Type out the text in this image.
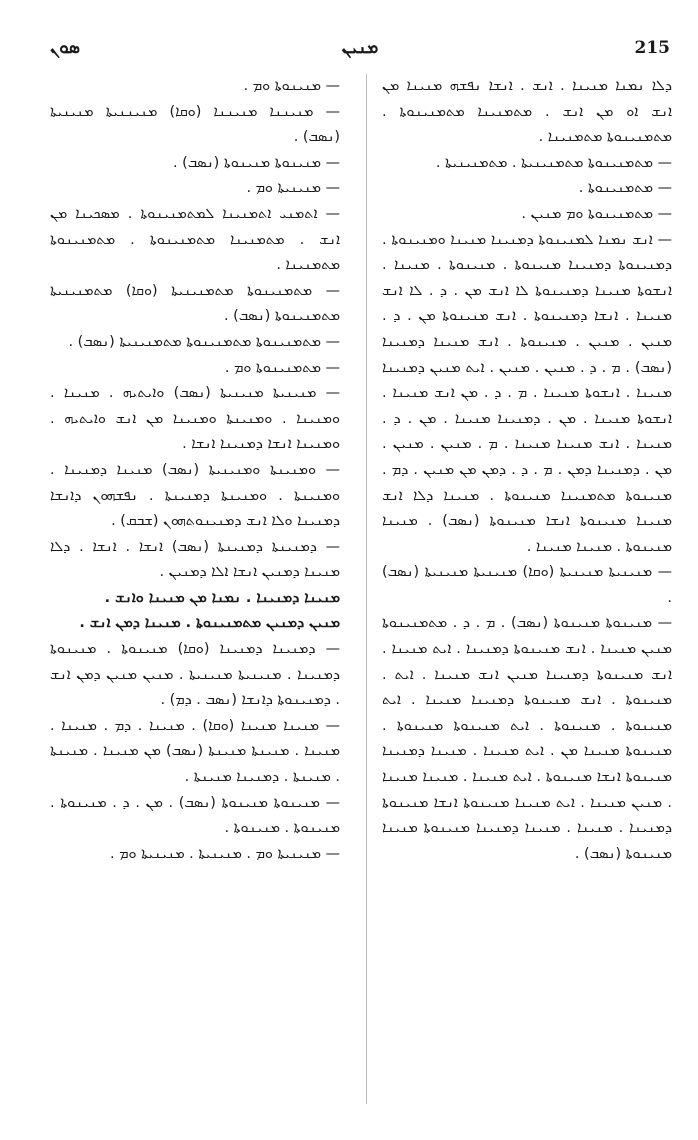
ܣܘܢ	ܡܢܝܢ	215

— ܡܢܝܢܘܬܐ ܘܡ .

— ܡܢܝܢܢܐ ܡܢܝܢܢܐ (ܘܩܐ) ܡܢܝܢܢܝܬܐ ܡܢܝܢܝܬܐ (ܢܣܒ) .

— ܡܢܝܢܘܬܐ ܡܢܝܢܘܬܐ (ܢܣܒ) .

— ܡܢܝܢܝܬܐ ܘܡ .

— ܐܬܡܢܝ ܐܬܡܢܝܢܐ ܠܡܬܡܢܝܢܘܬܐ . ܡܣܟܝܢܐ ܡܢ ܐܢܫ . ܡܬܡܢܝܢܐ ܡܬܡܢܝܢܘܬܐ . ܡܬܡܢܝܢܘܬܐ ܡܬܡܢܝܢܐ .

— ܡܬܡܢܝܢܘܬܐ ܡܬܡܢܝܢܝܬܐ (ܘܩܐ) ܡܬܡܢܝܢܝܬܐ ܡܬܡܢܝܢܘܬܐ (ܢܣܒ) .

— ܡܬܡܢܝܢܘܬܐ ܡܬܡܢܝܢܘܬܐ ܡܬܡܢܝܢܝܬܐ (ܢܣܒ) .

— ܡܬܡܢܝܢܘܬܐ ܘܡ .

— ܡܢܝܢܝܬܐ ܡܢܝܢܝܬܐ (ܢܣܒ) ܘܐܝܬܝܗ . ܡܢܝܢܐ . ܘܡܢܝܢܐ . ܘܡܢܝܢܬܐ ܘܡܢܝܢܐ ܡܢ ܐܢܫ ܘܐܝܬܝܗ . ܘܡܢܝܢܐ ܐܢܫܐ ܕܡܢܝܢܐ ܐܢܫܐ .

— ܘܡܢܝܢܬܐ ܘܡܢܝܢܝܬܐ (ܢܣܒ) ܡܢܝܢܐ ܕܡܢܝܢܐ . ܘܡܢܝܢܬܐ . ܘܡܢܝܢܬܐ ܕܡܢܝܢܬܐ . ܢܦܫܗܘܢ ܕܐܢܫܐ ܕܡܢܝܢܐ ܘܠܐ ܐܢܫ ܕܡܢܝܢܘܬܗܘܢ (ܫܒܩ) .

— ܕܡܢܝܢܬܐ ܕܡܢܝܢܬܐ (ܢܣܒ) ܐܢܫܐ . ܐܢܫܐ . ܕܠܐ ܡܢܝܢܐ ܕܡܢܝܢ ܐܢܫܐ ܐܠܐ ܕܡܢܝܢ .

ܡܢܝܢܐ ܕܡܢܝܢܐ . ܢܡܢܐ ܡܢ ܡܢܝܢܐ ܘܐܢܫ .

ܡܢܝܢ ܕܡܢܝܢ ܡܬܡܢܝܢܘܬܐ . ܡܢܝܢܐ ܕܡܢ ܐܢܫ .

— ܕܡܢܝܢܐ ܕܡܢܝܢܐ (ܘܩܐ) ܡܢܝܢܘܬܐ . ܡܢܝܢܘܬܐ ܕܡܢܝܢܐ . ܡܢܝܢܝܬܐ ܡܢܝܢܝܬܐ . ܡܢܝܢ ܡܢܝܢ ܕܡܢ ܐܢܫ . ܕܡܢܝܢܘܬܐ ܕܐܢܫܐ (ܢܣܒ . ܕܡ) .

— ܡܢܝܢܐ ܡܢܝܢܐ (ܘܩܐ) . ܡܢܝܢܐ . ܕܡ . ܡܢܝܢܐ . ܡܢܝܢܐ . ܡܢܝܢܬܐ ܡܢܝܢܬܐ (ܢܣܒ) ܡܢ ܡܢܝܢܐ . ܡܢܝܢܬܐ . ܡܢܝܢܬܐ . ܕܡܢܝܢܐ ܡܢܝܢܬܐ .

— ܡܢܝܢܘܬܐ ܡܢܝܢܘܬܐ (ܢܣܒ) . ܡܢ . ܕ . ܡܢܝܢܘܬܐ . ܡܢܝܢܘܬܐ . ܡܢܝܢܘܬܐ .

— ܡܢܝܢܝܬܐ ܘܡ . ܡܢܝܢܝܬܐ . ܡܢܝܢܝܬܐ ܘܡ .

ܕܠܐ ܢܡܢܐ ܡܢܝܢܐ . ܐܢܫ . ܐܢܫܐ ܢܦܫܗ ܡܢܝܢܐ ܡܢ ܐܢܫ ܐܘ ܡܢ ܐܢܫ . ܡܬܡܢܝܢܐ ܡܬܡܢܝܢܘܬܐ . ܡܬܡܢܝܢܘܬܐ ܡܬܡܢܝܢܐ .

— ܡܬܡܢܝܢܘܬܐ ܡܬܡܢܝܢܝܬܐ . ܡܬܡܢܝܢܝܬܐ .

— ܡܬܡܢܝܢܘܬܐ .

— ܡܬܡܢܝܢܘܬܐ ܘܡ ܡܢܝܢ .

— ܐܢܫ ܢܡܢܐ ܠܡܢܝܢܘܬܐ ܕܡܢܝܢܐ ܡܢܝܢܐ ܘܡܢܝܢܘܬܐ . ܕܡܢܝܢܘܬܐ ܕܡܢܝܢܐ ܡܢܝܢܘܬܐ . ܡܢܝܢܘܬܐ . ܡܢܝܢܐ . ܐܢܫܘܬܐ ܡܢܝܢܐ ܕܡܢܝܢܘܬܐ ܠܐ ܐܢܫ ܡܢ . ܕ . ܠܐ ܐܢܫ ܡܢܝܢܐ . ܐܢܫܐ ܕܡܢܝܢܘܬܐ . ܐܢܫ ܡܢܝܢܘܬܐ ܡܢ . ܕ . ܡܢܝܢ . ܡܢܝܢ . ܡܢܝܢܘܬܐ . ܐܢܫ ܡܢܝܢܐ ܕܡܢܝܢܐ (ܢܣܒ) . ܡ . ܕ . ܡܢܝܢ . ܡܢܝܢ . ܐܝܬ ܡܢܝܢ ܕܡܢܝܢܐ ܡܢܝܢܐ . ܐܢܫܘܬܐ ܡܢܝܢܐ . ܡ . ܕ . ܡܢ ܐܢܫ ܡܢܝܢܐ . ܐܢܫܘܬܐ ܡܢܝܢܐ . ܡܢ . ܕܡܢܝܢܐ ܡܢܝܢܐ . ܡܢ . ܕ . ܡܢܝܢܐ . ܐܢܫ ܡܢܝܢܐ ܡܢܝܢܐ . ܡ . ܡܢܝܢ . ܡܢܝܢ . ܡܢ . ܕܡܢܝܢܐ ܕܡܢ . ܡ . ܕ . ܕܡܢ ܡܢ ܡܢܝܢ . ܕܡ . ܡܢܝܢܘܬܐ ܡܬܡܢܝܢܐ ܡܢܝܢܘܬܐ . ܡܢܝܢܐ ܕܠܐ ܐܢܫ ܡܢܝܢܐ ܡܢܝܢܘܬܐ ܐܢܫܐ ܡܢܝܢܘܬܐ (ܢܣܒ) . ܡܢܝܢܐ ܡܢܝܢܘܬܐ . ܡܢܝܢܐ ܡܢܝܢܐ .

— ܡܢܝܢܝܬܐ ܡܢܝܢܝܬܐ (ܘܩܐ) ܡܢܝܢܝܬܐ ܡܢܝܢܝܬܐ (ܢܣܒ) .

— ܡܢܝܢܘܬܐ ܡܢܝܢܘܬܐ (ܢܣܒ) . ܡ . ܕ . ܡܬܡܢܝܢܘܬܐ ܡܢܝܢ ܡܢܝܢܐ . ܐܢܫ ܡܢܝܢܘܬܐ ܕܡܢܝܢܐ . ܐܝܬ ܡܢܝܢܐ . ܐܢܫ ܡܢܝܢܘܬܐ ܕܡܢܝܢܐ ܡܢܝܢ ܐܢܫ ܡܢܝܢܐ . ܐܝܬ . ܡܢܝܢܘܬܐ . ܐܢܫ ܡܢܝܢܘܬܐ ܕܡܢܝܢܐ ܡܢܝܢܐ . ܐܝܬ ܡܢܝܢܘܬܐ . ܡܢܝܢܘܬܐ . ܐܝܬ ܡܢܝܢܘܬܐ ܡܢܝܢܘܬܐ . ܡܢܝܢܘܬܐ ܡܢܝܢܐ ܡܢ . ܐܝܬ ܡܢܝܢܐ . ܡܢܝܢܐ ܕܡܢܝܢܐ ܡܢܝܢܘܬܐ ܐܢܫܐ ܡܢܝܢܘܬܐ . ܐܝܬ ܡܢܝܢܐ . ܡܢܝܢܐ ܡܢܝܢܐ . ܡܢܝܢ ܡܢܝܢܐ . ܐܝܬ ܡܢܝܢܐ ܡܢܝܢܘܬܐ ܐܢܫܐ ܡܢܝܢܘܬܐ ܕܡܢܝܢܐ . ܡܢܝܢܐ . ܡܢܝܢܐ ܕܡܢܝܢܐ ܡܢܝܢܘܬܐ ܡܢܝܢܐ ܡܢܝܢܘܬܐ (ܢܣܒ) .
